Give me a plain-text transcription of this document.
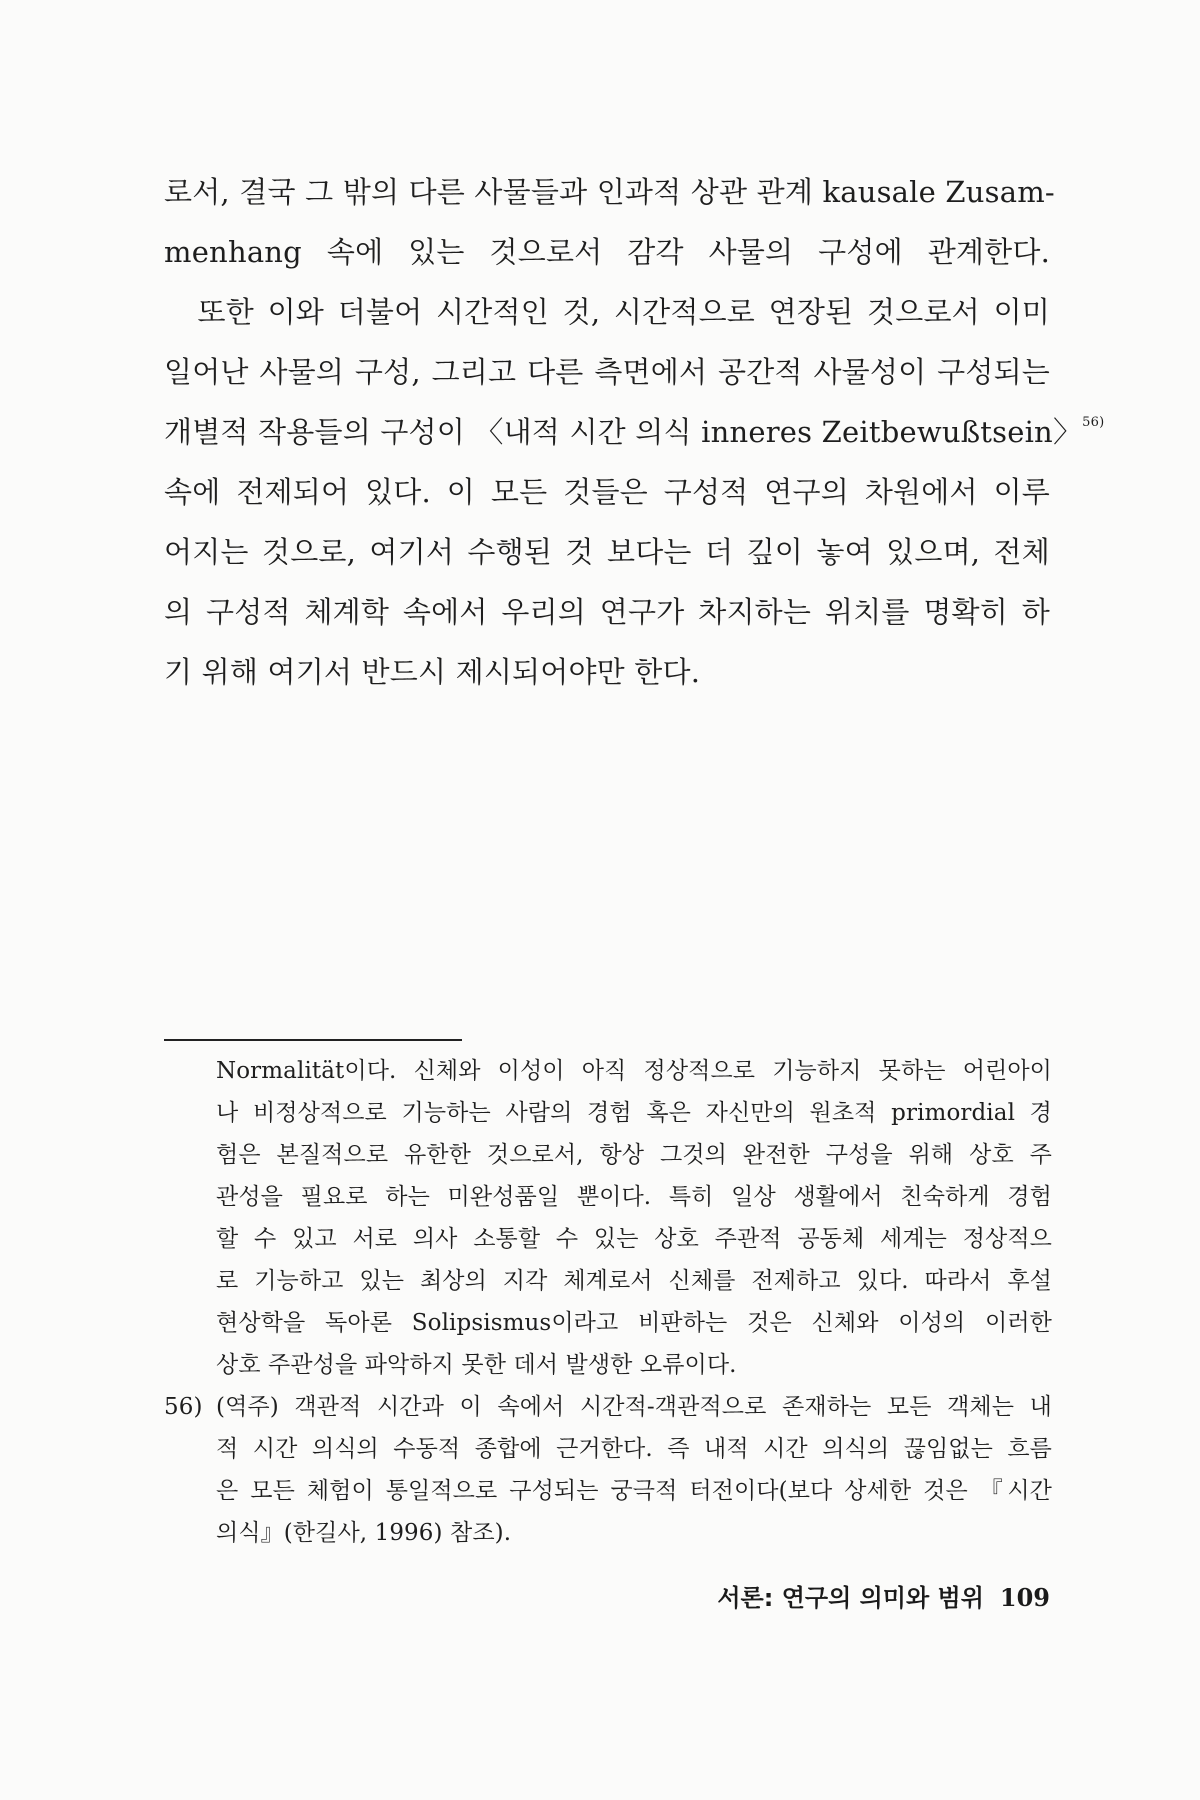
로서, 결국 그 밖의 다른 사물들과 인과적 상관 관계 kausale Zusam-
menhang 속에 있는 것으로서 감각 사물의 구성에 관계한다.
　또한 이와 더불어 시간적인 것, 시간적으로 연장된 것으로서 이미
일어난 사물의 구성, 그리고 다른 측면에서 공간적 사물성이 구성되는
개별적 작용들의 구성이 〈내적 시간 의식 inneres Zeitbewußtsein〉$^{56)}$
속에 전제되어 있다. 이 모든 것들은 구성적 연구의 차원에서 이루
어지는 것으로, 여기서 수행된 것 보다는 더 깊이 놓여 있으며, 전체
의 구성적 체계학 속에서 우리의 연구가 차지하는 위치를 명확히 하
기 위해 여기서 반드시 제시되어야만 한다.
Normalität이다. 신체와 이성이 아직 정상적으로 기능하지 못하는 어린아이
나 비정상적으로 기능하는 사람의 경험 혹은 자신만의 원초적 primordial 경
험은 본질적으로 유한한 것으로서, 항상 그것의 완전한 구성을 위해 상호 주
관성을 필요로 하는 미완성품일 뿐이다. 특히 일상 생활에서 친숙하게 경험
할 수 있고 서로 의사 소통할 수 있는 상호 주관적 공동체 세계는 정상적으
로 기능하고 있는 최상의 지각 체계로서 신체를 전제하고 있다. 따라서 후설
현상학을 독아론 Solipsismus이라고 비판하는 것은 신체와 이성의 이러한
상호 주관성을 파악하지 못한 데서 발생한 오류이다.
56) (역주) 객관적 시간과 이 속에서 시간적-객관적으로 존재하는 모든 객체는 내
적 시간 의식의 수동적 종합에 근거한다. 즉 내적 시간 의식의 끊임없는 흐름
은 모든 체험이 통일적으로 구성되는 궁극적 터전이다(보다 상세한 것은 『시간
의식』(한길사, 1996) 참조).
서론: 연구의 의미와 범위 109
